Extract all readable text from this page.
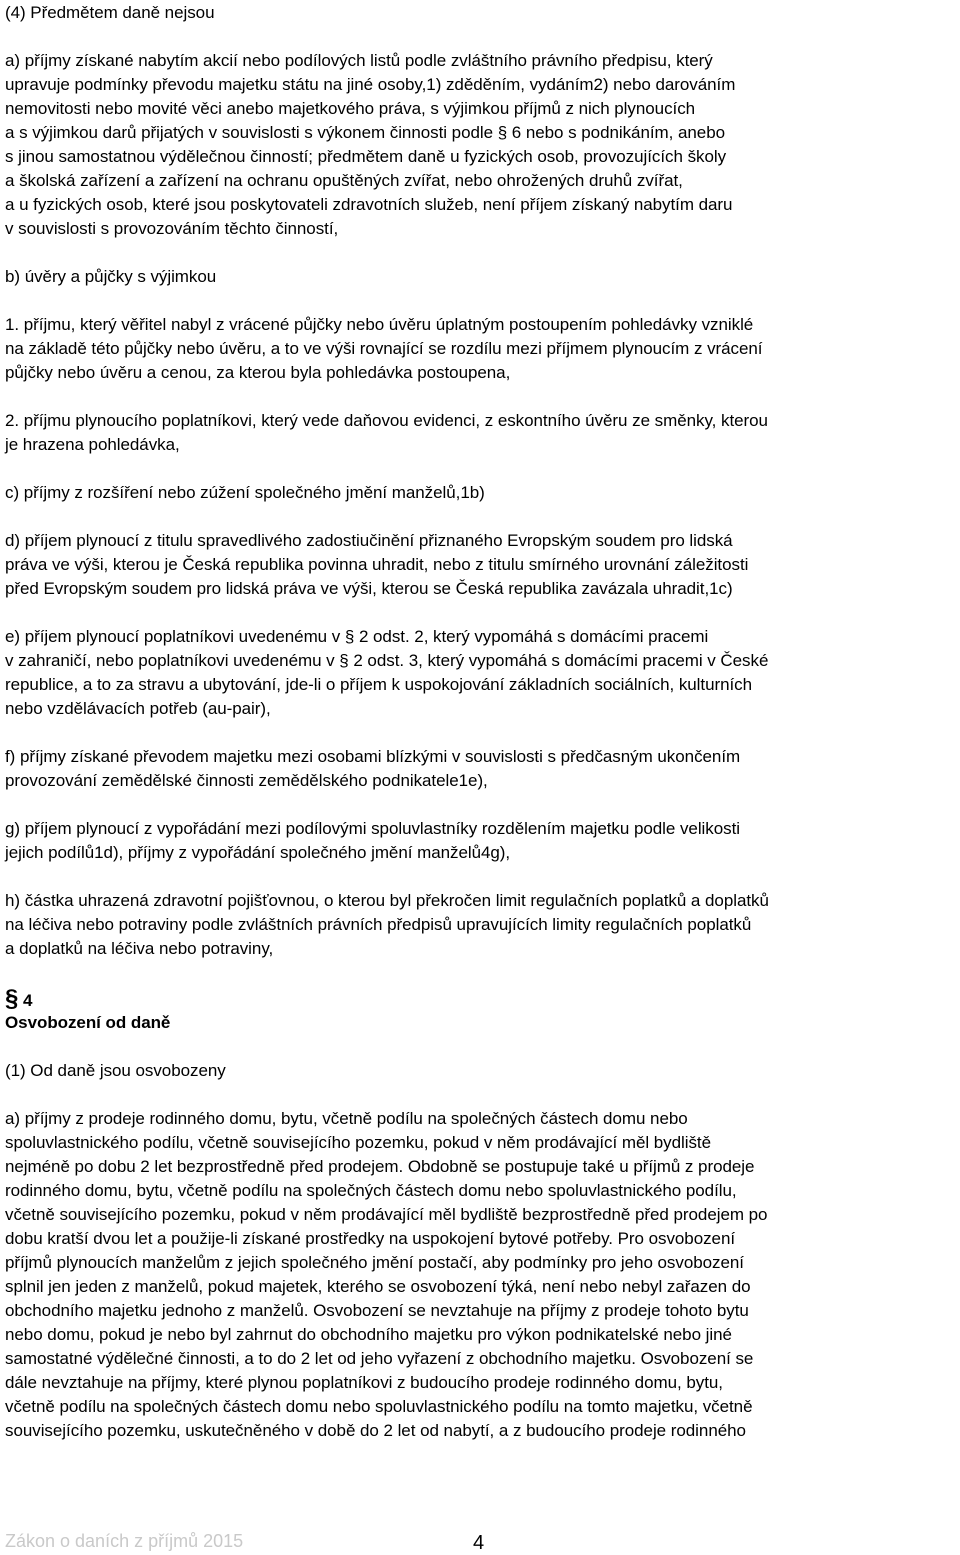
(4) Předmětem daně nejsou
a) příjmy získané nabytím akcií nebo podílových listů podle zvláštního právního předpisu, který
upravuje podmínky převodu majetku státu na jiné osoby,1) zděděním, vydáním2) nebo darováním
nemovitosti nebo movité věci anebo majetkového práva, s výjimkou příjmů z nich plynoucích
a s výjimkou darů přijatých v souvislosti s výkonem činnosti podle § 6 nebo s podnikáním, anebo
s jinou samostatnou výdělečnou činností; předmětem daně u fyzických osob, provozujících školy
a školská zařízení a zařízení na ochranu opuštěných zvířat, nebo ohrožených druhů zvířat,
a u fyzických osob, které jsou poskytovateli zdravotních služeb, není příjem získaný nabytím daru
v souvislosti s provozováním těchto činností,
b) úvěry a půjčky s výjimkou
1. příjmu, který věřitel nabyl z vrácené půjčky nebo úvěru úplatným postoupením pohledávky vzniklé
na základě této půjčky nebo úvěru, a to ve výši rovnající se rozdílu mezi příjmem plynoucím z vrácení
půjčky nebo úvěru a cenou, za kterou byla pohledávka postoupena,
2. příjmu plynoucího poplatníkovi, který vede daňovou evidenci, z eskontního úvěru ze směnky, kterou
je hrazena pohledávka,
c) příjmy z rozšíření nebo zúžení společného jmění manželů,1b)
d) příjem plynoucí z titulu spravedlivého zadostiučinění přiznaného Evropským soudem pro lidská
práva ve výši, kterou je Česká republika povinna uhradit, nebo z titulu smírného urovnání záležitosti
před Evropským soudem pro lidská práva ve výši, kterou se Česká republika zavázala uhradit,1c)
e) příjem plynoucí poplatníkovi uvedenému v § 2 odst. 2, který vypomáhá s domácími pracemi
v zahraničí, nebo poplatníkovi uvedenému v § 2 odst. 3, který vypomáhá s domácími pracemi v České
republice, a to za stravu a ubytování, jde-li o příjem k uspokojování základních sociálních, kulturních
nebo vzdělávacích potřeb (au-pair),
f) příjmy získané převodem majetku mezi osobami blízkými v souvislosti s předčasným ukončením
provozování zemědělské činnosti zemědělského podnikatele1e),
g) příjem plynoucí z vypořádání mezi podílovými spoluvlastníky rozdělením majetku podle velikosti
jejich podílů1d), příjmy z vypořádání společného jmění manželů4g),
h) částka uhrazená zdravotní pojišťovnou, o kterou byl překročen limit regulačních poplatků a doplatků
na léčiva nebo potraviny podle zvláštních právních předpisů upravujících limity regulačních poplatků
a doplatků na léčiva nebo potraviny,
§ 4
Osvobození od daně
(1) Od daně jsou osvobozeny
a) příjmy z prodeje rodinného domu, bytu, včetně podílu na společných částech domu nebo
spoluvlastnického podílu, včetně souvisejícího pozemku, pokud v něm prodávající měl bydliště
nejméně po dobu 2 let bezprostředně před prodejem. Obdobně se postupuje také u příjmů z prodeje
rodinného domu, bytu, včetně podílu na společných částech domu nebo spoluvlastnického podílu,
včetně souvisejícího pozemku, pokud v něm prodávající měl bydliště bezprostředně před prodejem po
dobu kratší dvou let a použije-li získané prostředky na uspokojení bytové potřeby. Pro osvobození
příjmů plynoucích manželům z jejich společného jmění postačí, aby podmínky pro jeho osvobození
splnil jen jeden z manželů, pokud majetek, kterého se osvobození týká, není nebo nebyl zařazen do
obchodního majetku jednoho z manželů. Osvobození se nevztahuje na příjmy z prodeje tohoto bytu
nebo domu, pokud je nebo byl zahrnut do obchodního majetku pro výkon podnikatelské nebo jiné
samostatné výdělečné činnosti, a to do 2 let od jeho vyřazení z obchodního majetku. Osvobození se
dále nevztahuje na příjmy, které plynou poplatníkovi z budoucího prodeje rodinného domu, bytu,
včetně podílu na společných částech domu nebo spoluvlastnického podílu na tomto majetku, včetně
souvisejícího pozemku, uskutečněného v době do 2 let od nabytí, a z budoucího prodeje rodinného
Zákon o daních z příjmů 2015	4
